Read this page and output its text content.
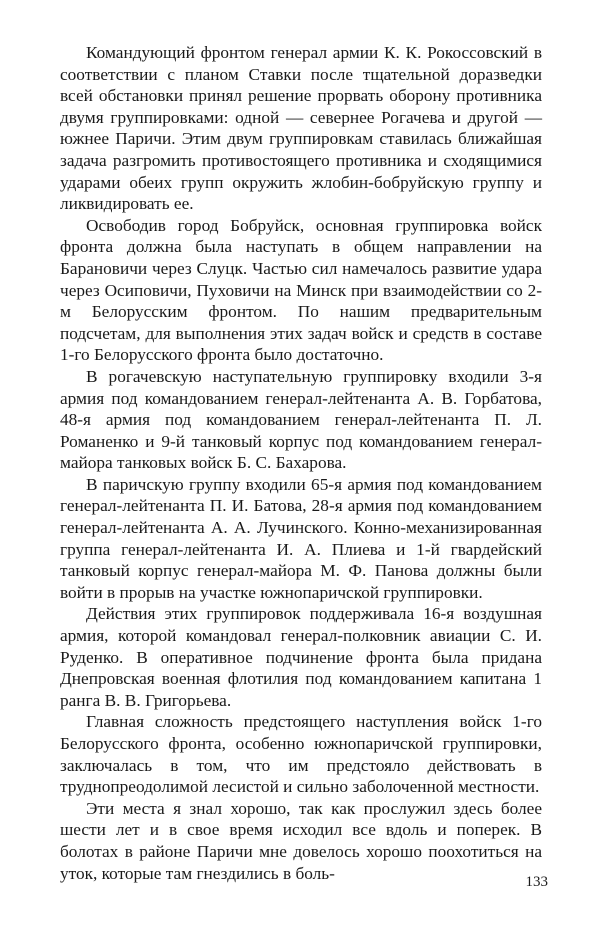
Командующий фронтом генерал армии К. К. Рокоссовский в соответствии с планом Ставки после тщательной доразведки всей обстановки принял решение прорвать оборону противника двумя группировками: одной — севернее Рогачева и другой — южнее Паричи. Этим двум группировкам ставилась ближайшая задача разгромить противостоящего противника и сходящимися ударами обеих групп окружить жлобин-бобруйскую группу и ликвидировать ее.

Освободив город Бобруйск, основная группировка войск фронта должна была наступать в общем направлении на Барановичи через Слуцк. Частью сил намечалось развитие удара через Осиповичи, Пуховичи на Минск при взаимодействии со 2-м Белорусским фронтом. По нашим предварительным подсчетам, для выполнения этих задач войск и средств в составе 1-го Белорусского фронта было достаточно.

В рогачевскую наступательную группировку входили 3-я армия под командованием генерал-лейтенанта А. В. Горбатова, 48-я армия под командованием генерал-лейтенанта П. Л. Романенко и 9-й танковый корпус под командованием генерал-майора танковых войск Б. С. Бахарова.

В паричскую группу входили 65-я армия под командованием генерал-лейтенанта П. И. Батова, 28-я армия под командованием генерал-лейтенанта А. А. Лучинского. Конно-механизированная группа генерал-лейтенанта И. А. Плиева и 1-й гвардейский танковый корпус генерал-майора М. Ф. Панова должны были войти в прорыв на участке южнопаричской группировки.

Действия этих группировок поддерживала 16-я воздушная армия, которой командовал генерал-полковник авиации С. И. Руденко. В оперативное подчинение фронта была придана Днепровская военная флотилия под командованием капитана 1 ранга В. В. Григорьева.

Главная сложность предстоящего наступления войск 1-го Белорусского фронта, особенно южнопаричской группировки, заключалась в том, что им предстояло действовать в труднопреодолимой лесистой и сильно заболоченной местности.

Эти места я знал хорошо, так как прослужил здесь более шести лет и в свое время исходил все вдоль и поперек. В болотах в районе Паричи мне довелось хорошо поохотиться на уток, которые там гнездились в боль-	133
